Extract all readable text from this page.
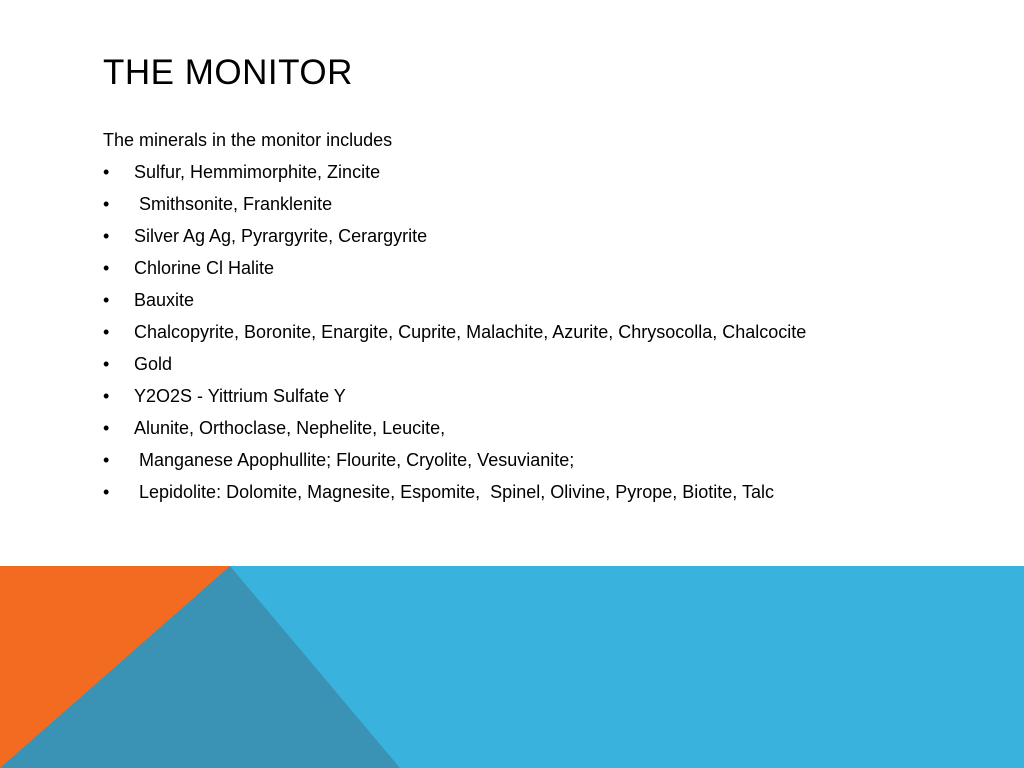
THE MONITOR
The minerals in the monitor includes
•	Sulfur, Hemmimorphite, Zincite
•	Smithsonite, Franklenite
•	Silver Ag Ag, Pyrargyrite, Cerargyrite
•	Chlorine Cl Halite
•	Bauxite
•	Chalcopyrite, Boronite, Enargite, Cuprite, Malachite, Azurite, Chrysocolla, Chalcocite
•	Gold
•	Y2O2S - Yittrium Sulfate Y
•	Alunite, Orthoclase, Nephelite, Leucite,
•	Manganese Apophullite; Flourite, Cryolite, Vesuvianite;
•	Lepidolite: Dolomite, Magnesite, Espomite,  Spinel, Olivine, Pyrope, Biotite, Talc
